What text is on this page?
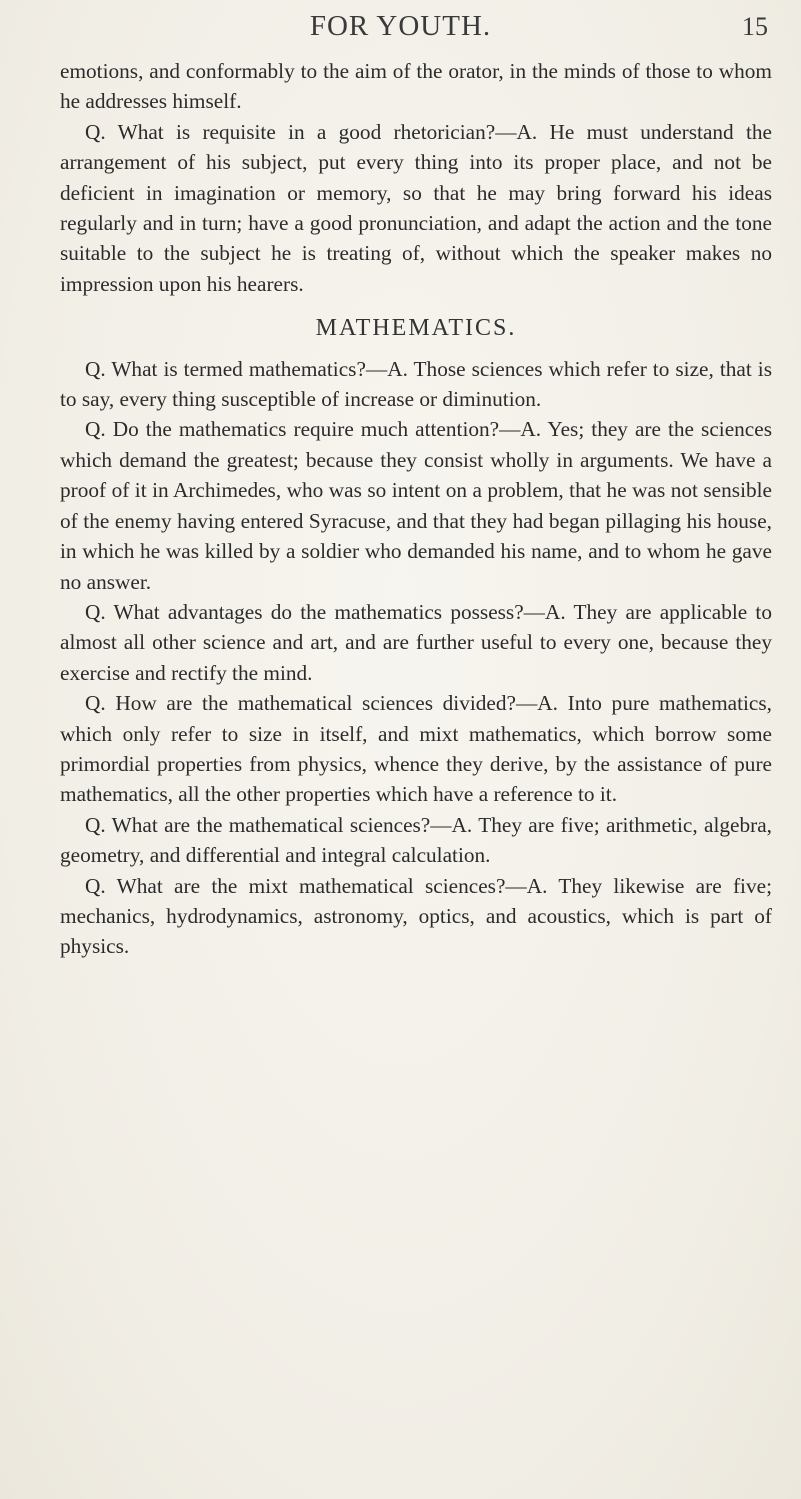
FOR YOUTH.	15

emotions, and conformably to the aim of the orator, in the minds of those to whom he addresses himself.

Q. What is requisite in a good rhetorician?—A. He must understand the arrangement of his subject, put every thing into its proper place, and not be deficient in imagination or memory, so that he may bring forward his ideas regularly and in turn; have a good pronunciation, and adapt the action and the tone suitable to the subject he is treating of, without which the speaker makes no impression upon his hearers.

MATHEMATICS.

Q. What is termed mathematics?—A. Those sciences which refer to size, that is to say, every thing susceptible of increase or diminution.

Q. Do the mathematics require much attention?—A. Yes; they are the sciences which demand the greatest; because they consist wholly in arguments. We have a proof of it in Archimedes, who was so intent on a problem, that he was not sensible of the enemy having entered Syracuse, and that they had began pillaging his house, in which he was killed by a soldier who demanded his name, and to whom he gave no answer.

Q. What advantages do the mathematics possess?—A. They are applicable to almost all other science and art, and are further useful to every one, because they exercise and rectify the mind.

Q. How are the mathematical sciences divided?—A. Into pure mathematics, which only refer to size in itself, and mixt mathematics, which borrow some primordial properties from physics, whence they derive, by the assistance of pure mathematics, all the other properties which have a reference to it.

Q. What are the mathematical sciences?—A. They are five; arithmetic, algebra, geometry, and differential and integral calculation.

Q. What are the mixt mathematical sciences?—A. They likewise are five; mechanics, hydrodynamics, astronomy, optics, and acoustics, which is part of physics.
